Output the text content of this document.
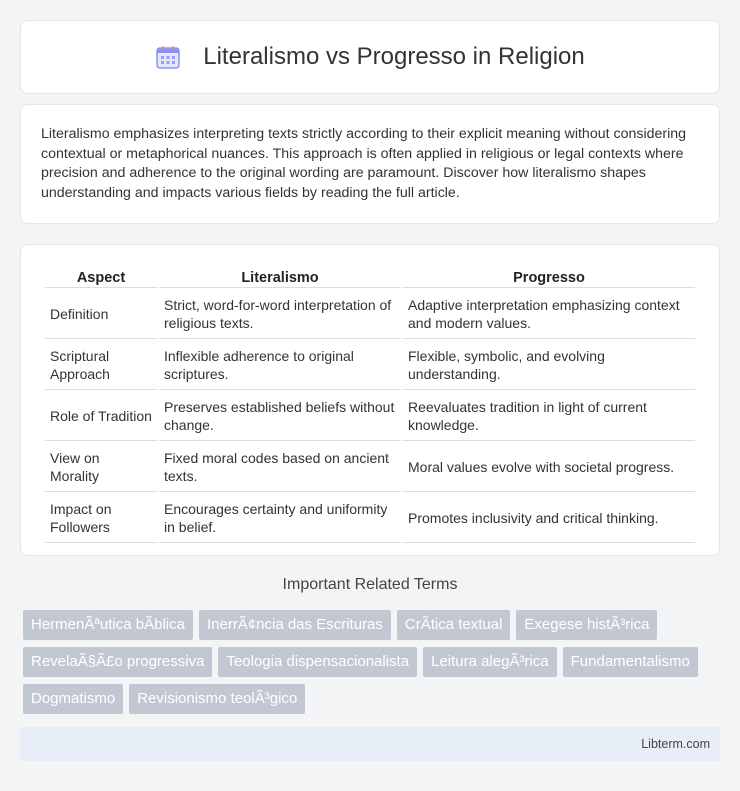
Literalismo vs Progresso in Religion

Literalismo emphasizes interpreting texts strictly according to their explicit meaning without considering contextual or metaphorical nuances. This approach is often applied in religious or legal contexts where precision and adherence to the original wording are paramount. Discover how literalismo shapes understanding and impacts various fields by reading the full article.

Aspect	Literalismo	Progresso
Definition	Strict, word-for-word interpretation of religious texts.	Adaptive interpretation emphasizing context and modern values.
Scriptural Approach	Inflexible adherence to original scriptures.	Flexible, symbolic, and evolving understanding.
Role of Tradition	Preserves established beliefs without change.	Reevaluates tradition in light of current knowledge.
View on Morality	Fixed moral codes based on ancient texts.	Moral values evolve with societal progress.
Impact on Followers	Encourages certainty and uniformity in belief.	Promotes inclusivity and critical thinking.
Important Related Terms
HermenÃªutica bÃblica	InerrÃ¢ncia das Escrituras	CrÃtica textual	Exegese histÃ³rica
RevelaÃ§Ã£o progressiva	Teologia dispensacionalista	Leitura alegÃ³rica	Fundamentalismo
Dogmatismo	Revisionismo teolÃ³gico
Libterm.com
